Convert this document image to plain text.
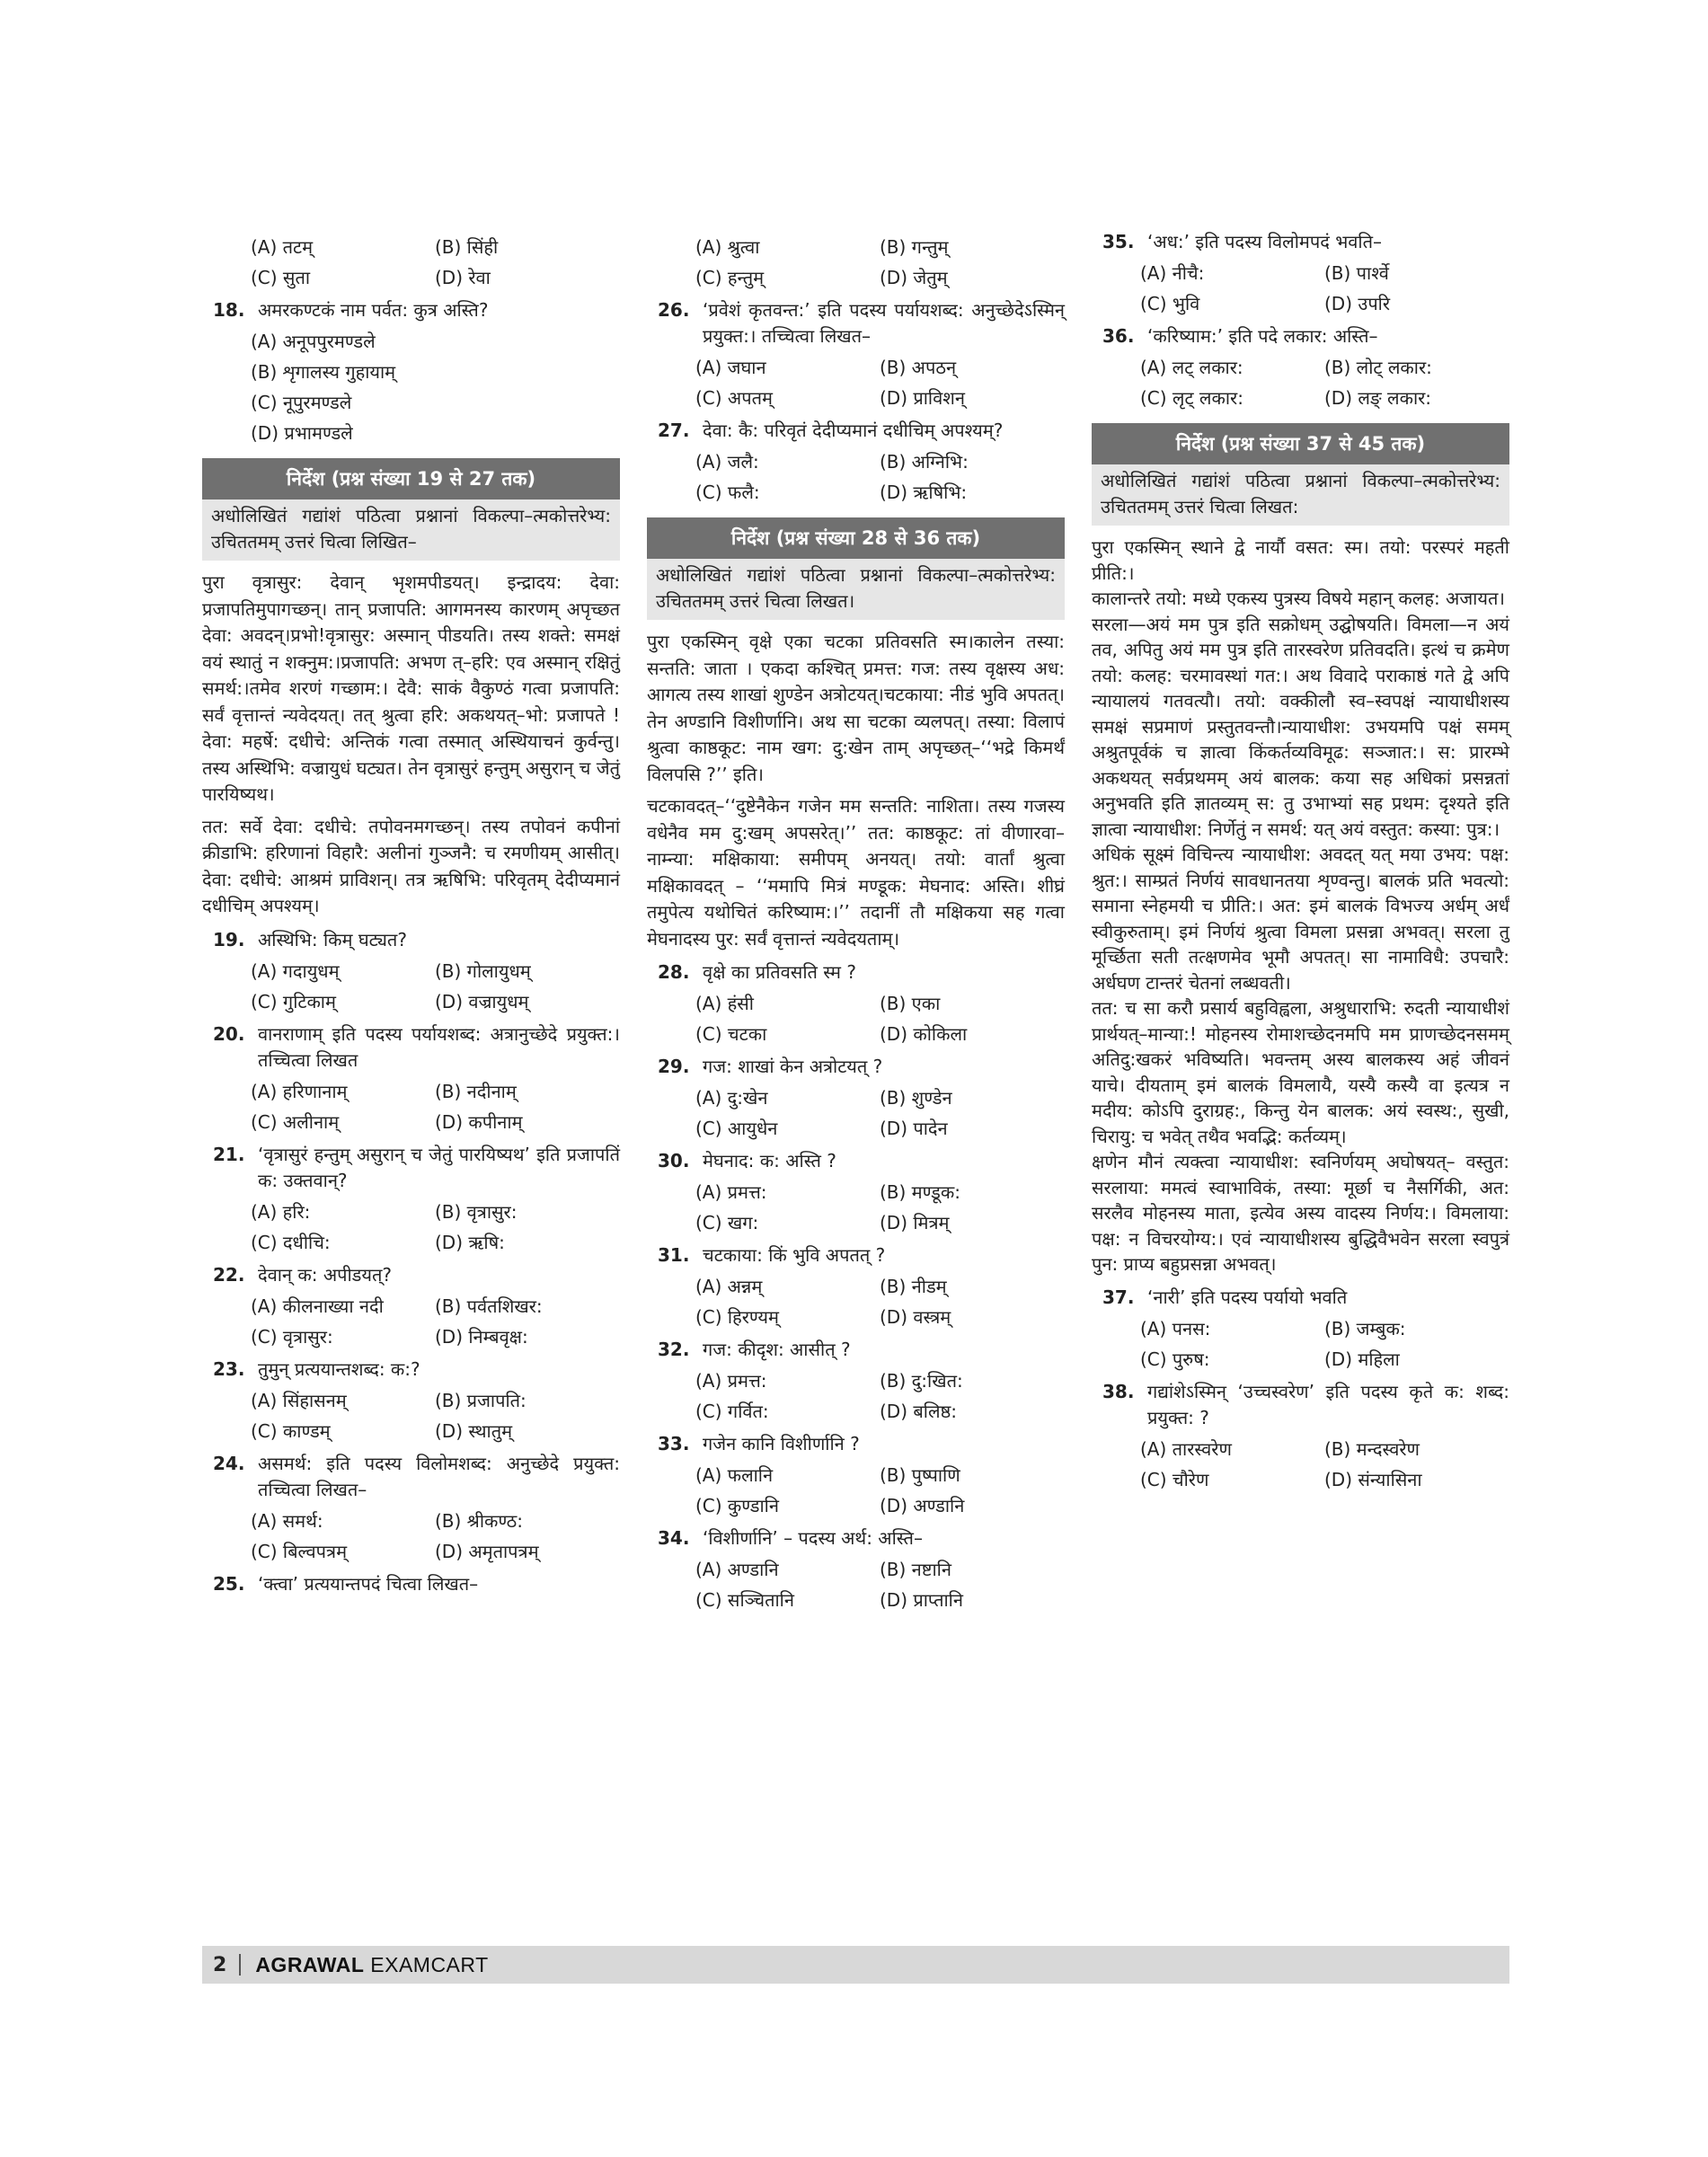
(A) तटम्	(B) सिंही
(C) सुता	(D) रेवा
18. अमरकण्टकं नाम पर्वत: कुत्र अस्ति?
(A) अनूपपुरमण्डले
(B) शृगालस्य गुहायाम्
(C) नूपुरमण्डले
(D) प्रभामण्डले
निर्देश (प्रश्न संख्या 19 से 27 तक)
अधोलिखितं गद्यांशं पठित्वा प्रश्नानां विकल्पा–त्मकोत्तरेभ्य: उचिततमम् उत्तरं चित्वा लिखित–

पुरा वृत्रासुर: देवान् भृशमपीडयत्। इन्द्रादय: देवा: प्रजापतिमुपागच्छन्। तान् प्रजापति: आगमनस्य कारणम् अपृच्छत देवा: अवदन्।प्रभो!वृत्रासुर: अस्मान् पीडयति। तस्य शक्ते: समक्षं वयं स्थातुं न शक्नुम:।प्रजापति: अभण त्–हरि: एव अस्मान् रक्षितुं समर्थ:।तमेव शरणं गच्छाम:। देवै: साकं वैकुण्ठं गत्वा प्रजापति: सर्वं वृत्तान्तं न्यवेदयत्। तत् श्रुत्वा हरि: अकथयत्–भो: प्रजापते ! देवा: महर्षे: दधीचे: अन्तिकं गत्वा तस्मात् अस्थियाचनं कुर्वन्तु। तस्य अस्थिभि: वज्रायुधं घट्यत। तेन वृत्रासुरं हन्तुम् असुरान् च जेतुं पारयिष्यथ।

तत: सर्वे देवा: दधीचे: तपोवनमगच्छन्। तस्य तपोवनं कपीनां क्रीडाभि: हरिणानां विहारै: अलीनां गुञ्जनै: च रमणीयम् आसीत्। देवा: दधीचे: आश्रमं प्राविशन्। तत्र ऋषिभि: परिवृतम् देदीप्यमानं दधीचिम् अपश्यम्।

19. अस्थिभि: किम् घट्यत?
(A) गदायुधम्	(B) गोलायुधम्
(C) गुटिकाम्	(D) वज्रायुधम्
20. वानराणाम् इति पदस्य पर्यायशब्द: अत्रानुच्छेदे प्रयुक्त:।तच्चित्वा लिखत
(A) हरिणानाम्	(B) नदीनाम्
(C) अलीनाम्	(D) कपीनाम्
21. ‘वृत्रासुरं हन्तुम् असुरान् च जेतुं पारयिष्यथ’ इति प्रजापतिं क: उक्तवान्?
(A) हरि:	(B) वृत्रासुर:
(C) दधीचि:	(D) ऋषि:
22. देवान् क: अपीडयत्?
(A) कीलनाख्या नदी	(B) पर्वतशिखर:
(C) वृत्रासुर:	(D) निम्बवृक्ष:
23. तुमुन् प्रत्ययान्तशब्द: क:?
(A) सिंहासनम्	(B) प्रजापति:
(C) काण्डम्	(D) स्थातुम्
24. असमर्थ: इति पदस्य विलोमशब्द: अनुच्छेदे प्रयुक्त: तच्चित्वा लिखत–
(A) समर्थ:	(B) श्रीकण्ठ:
(C) बिल्वपत्रम्	(D) अमृतापत्रम्
25. ‘क्त्वा’ प्रत्ययान्तपदं चित्वा लिखत–
(A) श्रुत्वा	(B) गन्तुम्
(C) हन्तुम्	(D) जेतुम्
26. ‘प्रवेशं कृतवन्त:’ इति पदस्य पर्यायशब्द: अनुच्छेदेऽस्मिन् प्रयुक्त:। तच्चित्वा लिखत–
(A) जघान	(B) अपठन्
(C) अपतम्	(D) प्राविशन्
27. देवा: कै: परिवृतं देदीप्यमानं दधीचिम् अपश्यम्?
(A) जलै:	(B) अग्निभि:
(C) फलै:	(D) ऋषिभि:
निर्देश (प्रश्न संख्या 28 से 36 तक)
अधोलिखितं गद्यांशं पठित्वा प्रश्नानां विकल्पा–त्मकोत्तरेभ्य: उचिततमम् उत्तरं चित्वा लिखत।

पुरा एकस्मिन् वृक्षे एका चटका प्रतिवसति स्म।कालेन तस्या: सन्तति: जाता । एकदा कश्चित् प्रमत्त: गज: तस्य वृक्षस्य अध: आगत्य तस्य शाखां शुण्डेन अत्रोटयत्।चटकाया: नीडं भुवि अपतत्। तेन अण्डानि विशीर्णानि। अथ सा चटका व्यलपत्। तस्या: विलापं श्रुत्वा काष्ठकूट: नाम खग: दु:खेन ताम् अपृच्छत्–‘‘भद्रे किमर्थं विलपसि ?’’ इति।

चटकावदत्–‘‘दुष्टेनैकेन गजेन मम सन्तति: नाशिता। तस्य गजस्य वधेनैव मम दु:खम् अपसरेत्।’’ तत: काष्ठकूट: तां वीणारवा–नाम्न्या: मक्षिकाया: समीपम् अनयत्। तयो: वार्तां श्रुत्वा मक्षिकावदत् – ‘‘ममापि मित्रं मण्डूक: मेघनाद: अस्ति। शीघ्रं तमुपेत्य यथोचितं करिष्याम:।’’ तदानीं तौ मक्षिकया सह गत्वा मेघनादस्य पुर: सर्वं वृत्तान्तं न्यवेदयताम्।

28. वृक्षे का प्रतिवसति स्म ?
(A) हंसी	(B) एका
(C) चटका	(D) कोकिला
29. गज: शाखां केन अत्रोटयत् ?
(A) दु:खेन	(B) शुण्डेन
(C) आयुधेन	(D) पादेन
30. मेघनाद: क: अस्ति ?
(A) प्रमत्त:	(B) मण्डूक:
(C) खग:	(D) मित्रम्
31. चटकाया: किं भुवि अपतत् ?
(A) अन्नम्	(B) नीडम्
(C) हिरण्यम्	(D) वस्त्रम्
32. गज: कीदृश: आसीत् ?
(A) प्रमत्त:	(B) दु:खित:
(C) गर्वित:	(D) बलिष्ठ:
33. गजेन कानि विशीर्णानि ?
(A) फलानि	(B) पुष्पाणि
(C) कुण्डानि	(D) अण्डानि
34. ‘विशीर्णानि’ – पदस्य अर्थ: अस्ति–
(A) अण्डानि	(B) नष्टानि
(C) सञ्चितानि	(D) प्राप्तानि
35. ‘अध:’ इति पदस्य विलोमपदं भवति–
(A) नीचै:	(B) पार्श्वे
(C) भुवि	(D) उपरि
36. ‘करिष्याम:’ इति पदे लकार: अस्ति–
(A) लट् लकार:	(B) लोट् लकार:
(C) लृट् लकार:	(D) लङ् लकार:
निर्देश (प्रश्न संख्या 37 से 45 तक)
अधोलिखितं गद्यांशं पठित्वा प्रश्नानां विकल्पा–त्मकोत्तरेभ्य: उचिततमम् उत्तरं चित्वा लिखत:

पुरा एकस्मिन् स्थाने द्वे नार्यौ वसत: स्म। तयो: परस्परं महती प्रीति:।

कालान्तरे तयो: मध्ये एकस्य पुत्रस्य विषये महान् कलह: अजायत।

सरला—अयं मम पुत्र इति सक्रोधम् उद्घोषयति। विमला—न अयं तव, अपितु अयं मम पुत्र इति तारस्वरेण प्रतिवदति। इत्थं च क्रमेण तयो: कलह: चरमावस्थां गत:। अथ विवादे पराकाष्ठं गते द्वे अपि न्यायालयं गतवत्यौ। तयो: वक्कीलौ स्व–स्वपक्षं न्यायाधीशस्य समक्षं सप्रमाणं प्रस्तुतवन्तौ।न्यायाधीश: उभयमपि पक्षं समम् अश्रुतपूर्वकं च ज्ञात्वा किंकर्तव्यविमूढ: सञ्जात:। स: प्रारम्भे अकथयत् सर्वप्रथमम् अयं बालक: कया सह अधिकां प्रसन्नतां अनुभवति इति ज्ञातव्यम् स: तु उभाभ्यां सह प्रथम: दृश्यते इति ज्ञात्वा न्यायाधीश: निर्णेतुं न समर्थ: यत् अयं वस्तुत: कस्या: पुत्र:।

अधिकं सूक्ष्मं विचिन्त्य न्यायाधीश: अवदत् यत् मया उभय: पक्ष: श्रुत:। साम्प्रतं निर्णयं सावधानतया शृण्वन्तु। बालकं प्रति भवत्यो: समाना स्नेहमयी च प्रीति:। अत: इमं बालकं विभज्य अर्धम् अर्धं स्वीकुरुताम्। इमं निर्णयं श्रुत्वा विमला प्रसन्ना अभवत्। सरला तु मूर्च्छिता सती तत्क्षणमेव भूमौ अपतत्। सा नामाविधै: उपचारै: अर्धघण टान्तरं चेतनां लब्धवती।

तत: च सा करौ प्रसार्य बहुविह्वला, अश्रुधाराभि: रुदती न्यायाधीशं प्रार्थयत्–मान्या:! मोहनस्य रोमाशच्छेदनमपि मम प्राणच्छेदनसमम् अतिदु:खकरं भविष्यति। भवन्तम् अस्य बालकस्य अहं जीवनं याचे। दीयताम् इमं बालकं विमलायै, यस्यै कस्यै वा इत्यत्र न मदीय: कोऽपि दुराग्रह:, किन्तु येन बालक: अयं स्वस्थ:, सुखी, चिरायु: च भवेत् तथैव भवद्भि: कर्तव्यम्।

क्षणेन मौनं त्यक्त्वा न्यायाधीश: स्वनिर्णयम् अघोषयत्– वस्तुत: सरलाया: ममत्वं स्वाभाविकं, तस्या: मूर्छा च नैसर्गिकी, अत: सरलैव मोहनस्य माता, इत्येव अस्य वादस्य निर्णय:। विमलाया: पक्ष: न विचरयोग्य:। एवं न्यायाधीशस्य बुद्धिवैभवेन सरला स्वपुत्रं पुन: प्राप्य बहुप्रसन्ना अभवत्।

37. ‘नारी’ इति पदस्य पर्यायो भवति
(A) पनस:	(B) जम्बुक:
(C) पुरुष:	(D) महिला
38. गद्यांशेऽस्मिन् ‘उच्चस्वरेण’ इति पदस्य कृते क: शब्द: प्रयुक्त: ?
(A) तारस्वरेण	(B) मन्दस्वरेण
(C) चौरेण	(D) संन्यासिना
2 AGRAWAL EXAMCART
